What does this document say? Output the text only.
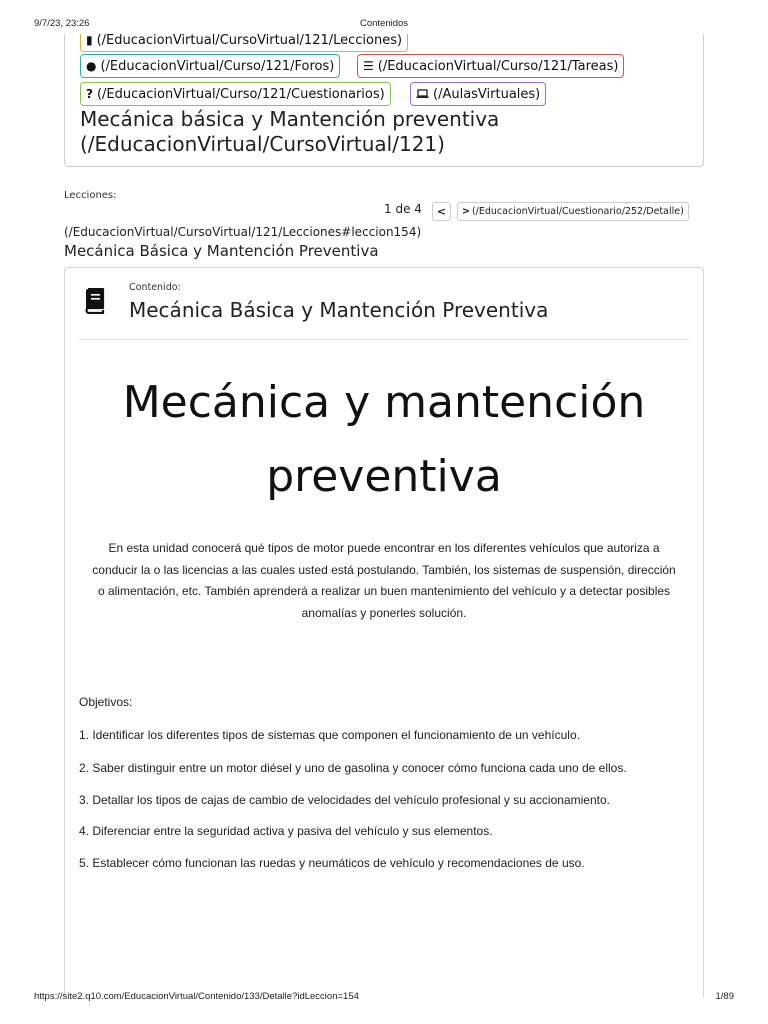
9/7/23, 23:26	Contenidos
▮ (/EducacionVirtual/CursoVirtual/121/Lecciones)
● (/EducacionVirtual/Curso/121/Foros)	☰ (/EducacionVirtual/Curso/121/Tareas)
? (/EducacionVirtual/Curso/121/Cuestionarios)	(/AulasVirtuales)
Mecánica básica y Mantención preventiva
(/EducacionVirtual/CursoVirtual/121)
Lecciones:
1 de 4	<	> (/EducacionVirtual/Cuestionario/252/Detalle)
(/EducacionVirtual/CursoVirtual/121/Lecciones#leccion154)
Mecánica Básica y Mantención Preventiva
Contenido:
Mecánica Básica y Mantención Preventiva
Mecánica y mantención
preventiva
En esta unidad conocerá qué tipos de motor puede encontrar en los diferentes vehículos que autoriza a
conducir la o las licencias a las cuales usted está postulando. También, los sistemas de suspensión, dirección
o alimentación, etc. También aprenderá a realizar un buen mantenimiento del vehículo y a detectar posibles
anomalías y ponerles solución.
Objetivos:
1. Identificar los diferentes tipos de sistemas que componen el funcionamiento de un vehículo.
2. Saber distinguir entre un motor diésel y uno de gasolina y conocer cómo funciona cada uno de ellos.
3. Detallar los tipos de cajas de cambio de velocidades del vehículo profesional y su accionamiento.
4. Diferenciar entre la seguridad activa y pasiva del vehículo y sus elementos.
5. Establecer cómo funcionan las ruedas y neumáticos de vehículo y recomendaciones de uso.
https://site2.q10.com/EducacionVirtual/Contenido/133/Detalle?idLeccion=154	1/89
